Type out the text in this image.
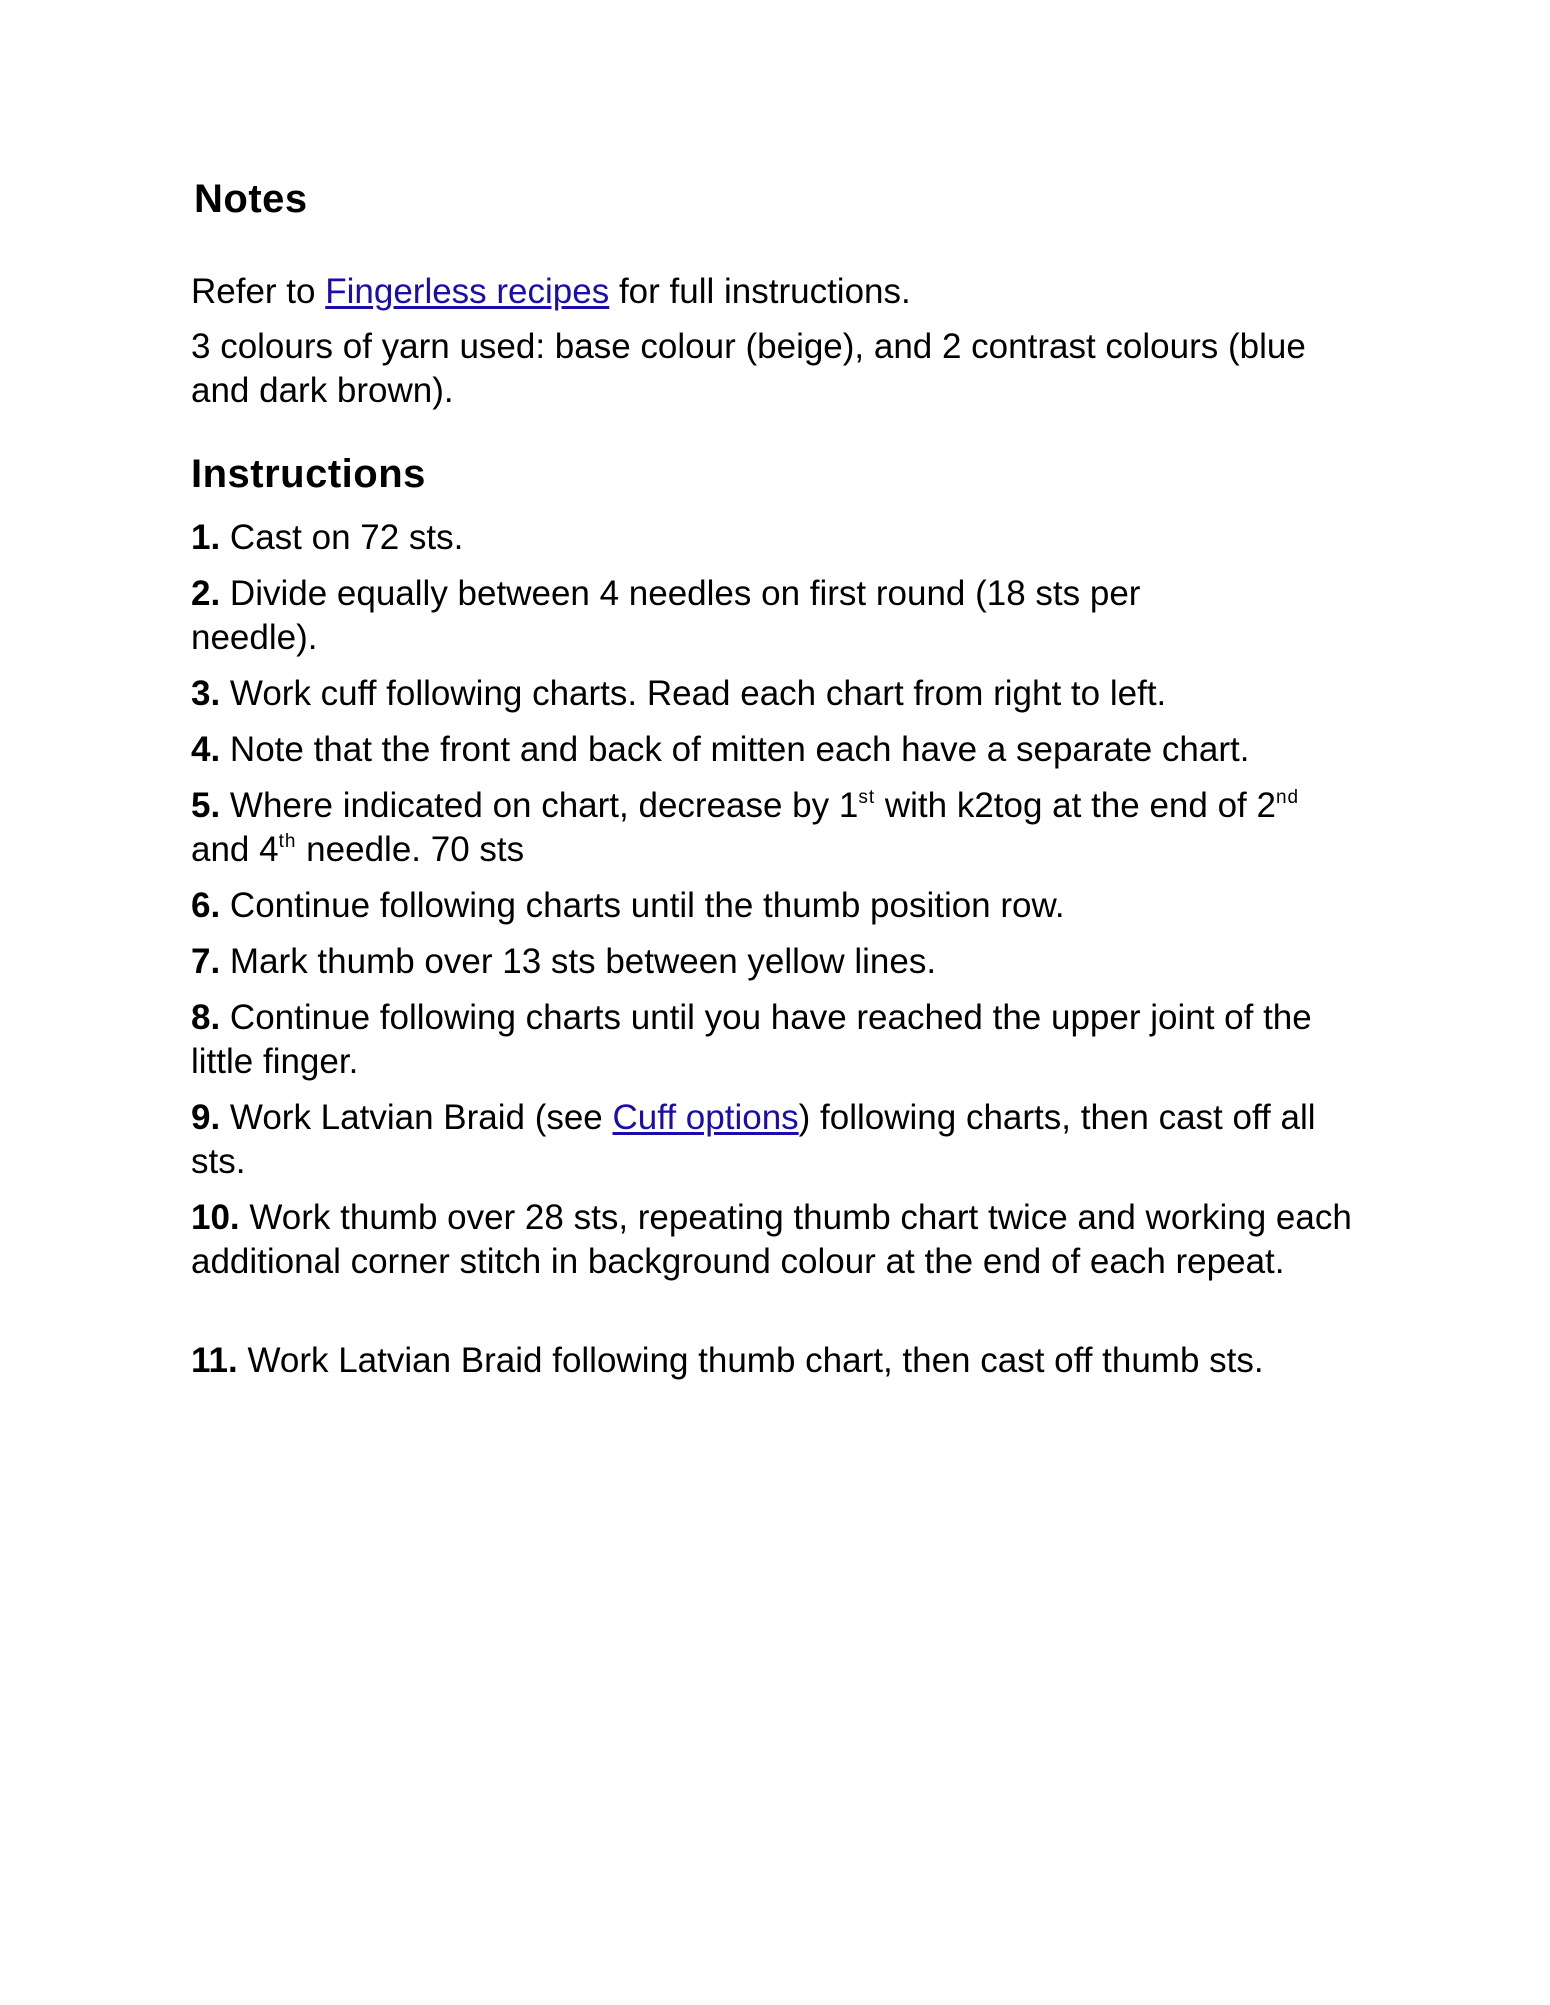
Notes

Refer to Fingerless recipes for full instructions.

3 colours of yarn used: base colour (beige), and 2 contrast colours (blue and dark brown).

Instructions

1. Cast on 72 sts.

2. Divide equally between 4 needles on first round (18 sts per needle).

3. Work cuff following charts. Read each chart from right to left.

4. Note that the front and back of mitten each have a separate chart.

5. Where indicated on chart, decrease by 1st with k2tog at the end of 2nd and 4th needle. 70 sts

6. Continue following charts until the thumb position row.

7. Mark thumb over 13 sts between yellow lines.

8. Continue following charts until you have reached the upper joint of the little finger.

9. Work Latvian Braid (see Cuff options) following charts, then cast off all sts.

10. Work thumb over 28 sts, repeating thumb chart twice and working each additional corner stitch in background colour at the end of each repeat.

11. Work Latvian Braid following thumb chart, then cast off thumb sts.
